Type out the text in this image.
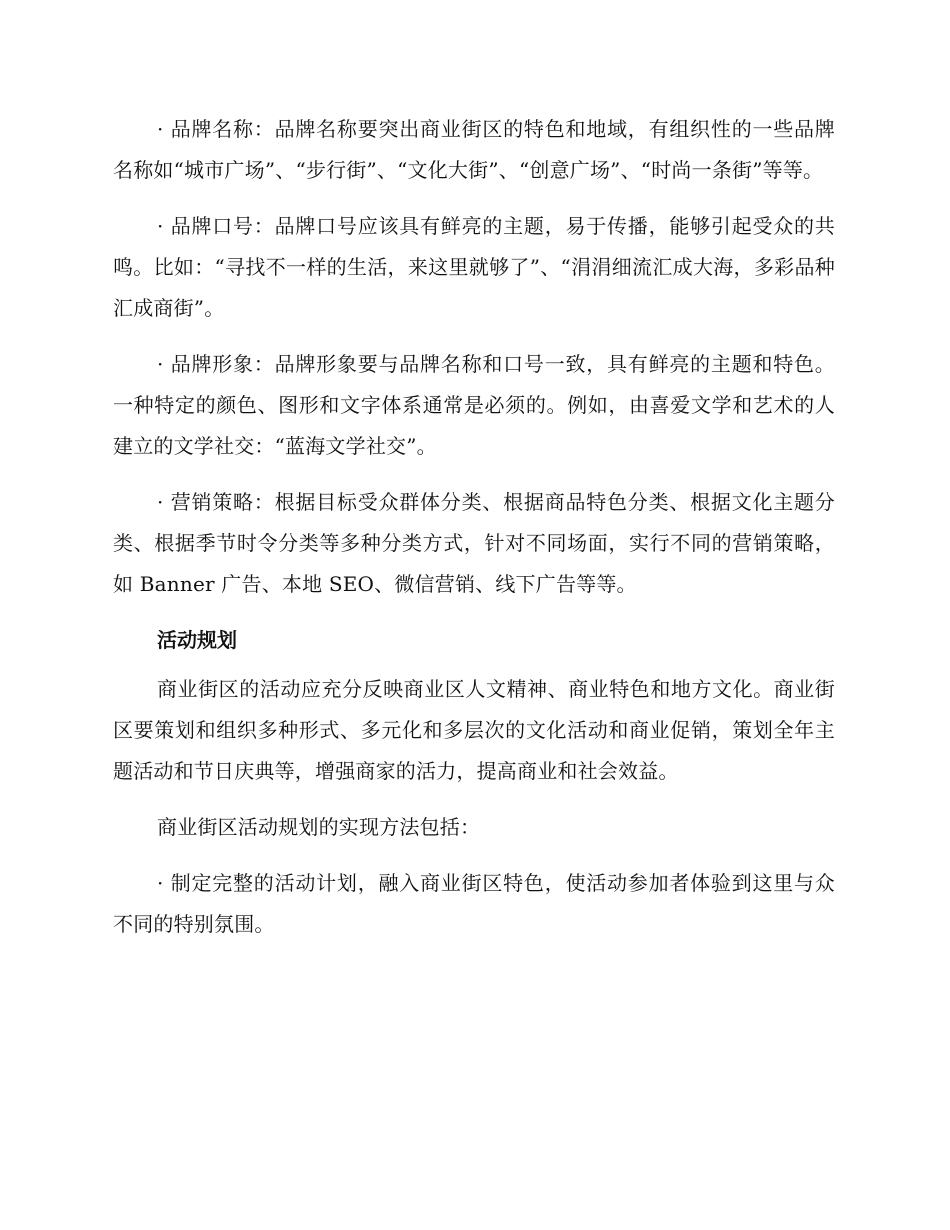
· 品牌名称：品牌名称要突出商业街区的特色和地域，有组织性的一些品牌名称如“城市广场”、“步行街”、“文化大街”、“创意广场”、“时尚一条街”等等。

· 品牌口号：品牌口号应该具有鲜亮的主题，易于传播，能够引起受众的共鸣。比如：“寻找不一样的生活，来这里就够了”、“涓涓细流汇成大海，多彩品种汇成商街”。

· 品牌形象：品牌形象要与品牌名称和口号一致，具有鲜亮的主题和特色。一种特定的颜色、图形和文字体系通常是必须的。例如，由喜爱文学和艺术的人建立的文学社交：“蓝海文学社交”。

· 营销策略：根据目标受众群体分类、根据商品特色分类、根据文化主题分类、根据季节时令分类等多种分类方式，针对不同场面，实行不同的营销策略，如 Banner 广告、本地 SEO、微信营销、线下广告等等。

活动规划

商业街区的活动应充分反映商业区人文精神、商业特色和地方文化。商业街区要策划和组织多种形式、多元化和多层次的文化活动和商业促销，策划全年主题活动和节日庆典等，增强商家的活力，提高商业和社会效益。

商业街区活动规划的实现方法包括：

· 制定完整的活动计划，融入商业街区特色，使活动参加者体验到这里与众不同的特别氛围。
